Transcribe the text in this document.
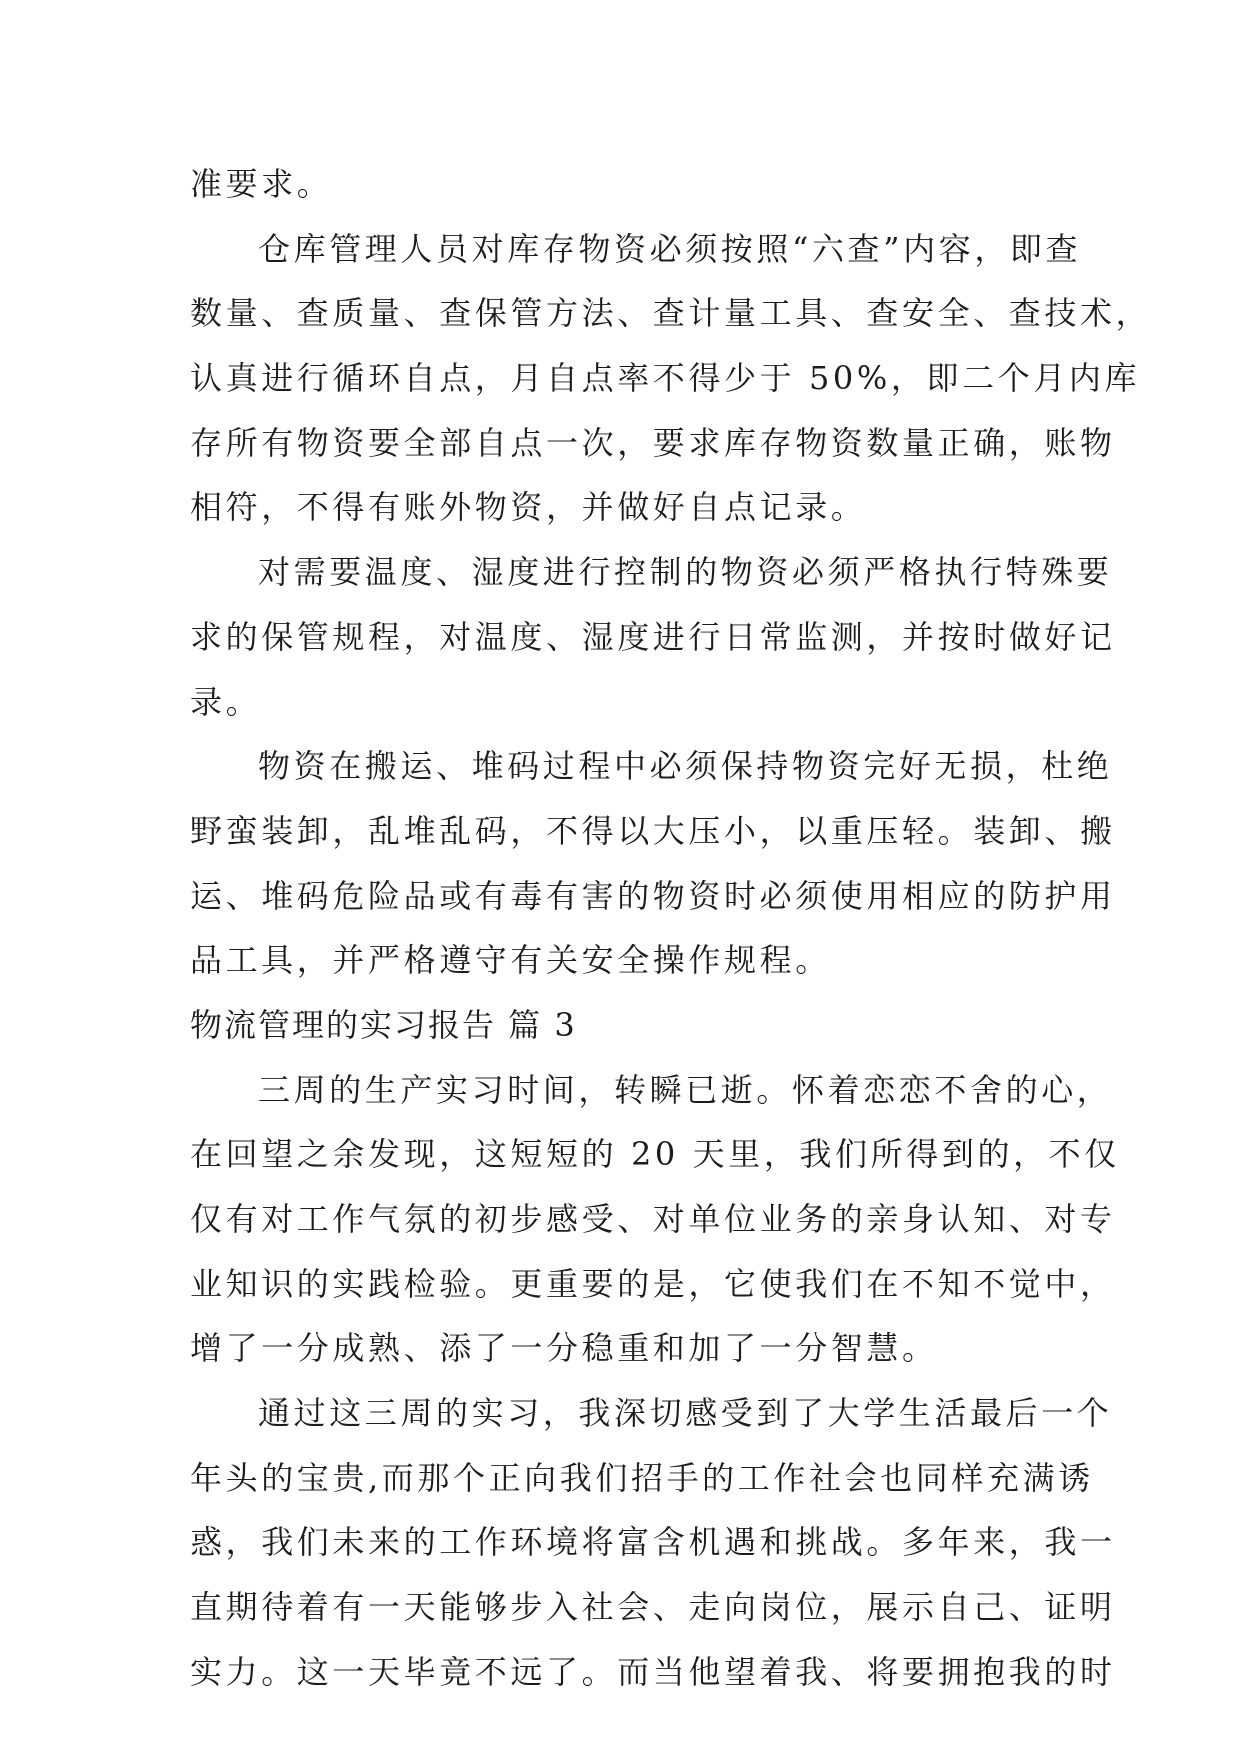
准要求。
仓库管理人员对库存物资必须按照“六查”内容，即查
数量、查质量、查保管方法、查计量工具、查安全、查技术，
认真进行循环自点，月自点率不得少于 50%，即二个月内库
存所有物资要全部自点一次，要求库存物资数量正确，账物
相符，不得有账外物资，并做好自点记录。
对需要温度、湿度进行控制的物资必须严格执行特殊要
求的保管规程，对温度、湿度进行日常监测，并按时做好记
录。
物资在搬运、堆码过程中必须保持物资完好无损，杜绝
野蛮装卸，乱堆乱码，不得以大压小，以重压轻。装卸、搬
运、堆码危险品或有毒有害的物资时必须使用相应的防护用
品工具，并严格遵守有关安全操作规程。
物流管理的实习报告 篇 3
三周的生产实习时间，转瞬已逝。怀着恋恋不舍的心，
在回望之余发现，这短短的 20 天里，我们所得到的，不仅
仅有对工作气氛的初步感受、对单位业务的亲身认知、对专
业知识的实践检验。更重要的是，它使我们在不知不觉中，
增了一分成熟、添了一分稳重和加了一分智慧。
通过这三周的实习，我深切感受到了大学生活最后一个
年头的宝贵,而那个正向我们招手的工作社会也同样充满诱
惑，我们未来的工作环境将富含机遇和挑战。多年来，我一
直期待着有一天能够步入社会、走向岗位，展示自己、证明
实力。这一天毕竟不远了。而当他望着我、将要拥抱我的时
